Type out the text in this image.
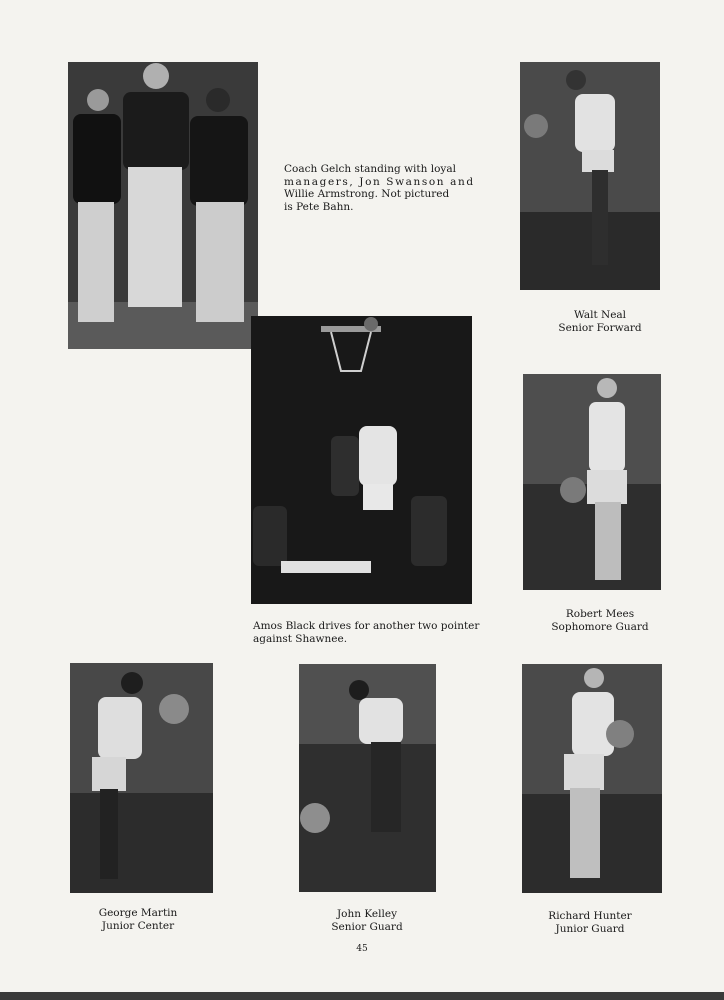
Coach Gelch standing with loyal
managers, Jon Swanson and
Willie Armstrong. Not pictured
is Pete Bahn.
Walt Neal
Senior Forward
Amos Black drives for another two pointer
against Shawnee.
Robert Mees
Sophomore Guard
George Martin
Junior Center
John Kelley
Senior Guard
Richard Hunter
Junior Guard
45
